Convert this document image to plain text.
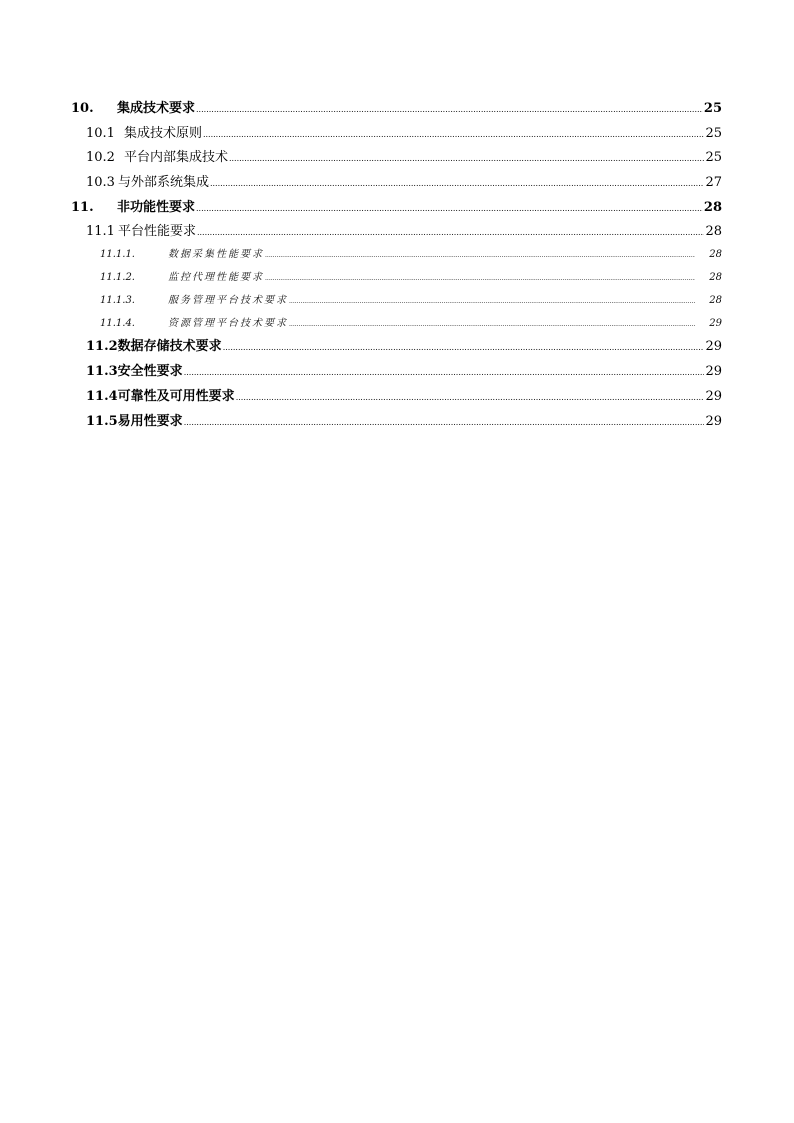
10.	集成技术要求 .....	25
10.1 集成技术原则 .....	25
10.2 平台内部集成技术 .....	25
10.3 与外部系统集成 .....	27
11.	非功能性要求 .....	28
11.1 平台性能要求 .....	28
11.1.1.	数据采集性能要求 .....	28
11.1.2.	监控代理性能要求 .....	28
11.1.3.	服务管理平台技术要求 .....	28
11.1.4.	资源管理平台技术要求 .....	29
11.2 数据存储技术要求 .....	29
11.3 安全性要求 .....	29
11.4 可靠性及可用性要求 .....	29
11.5 易用性要求 .....	29
